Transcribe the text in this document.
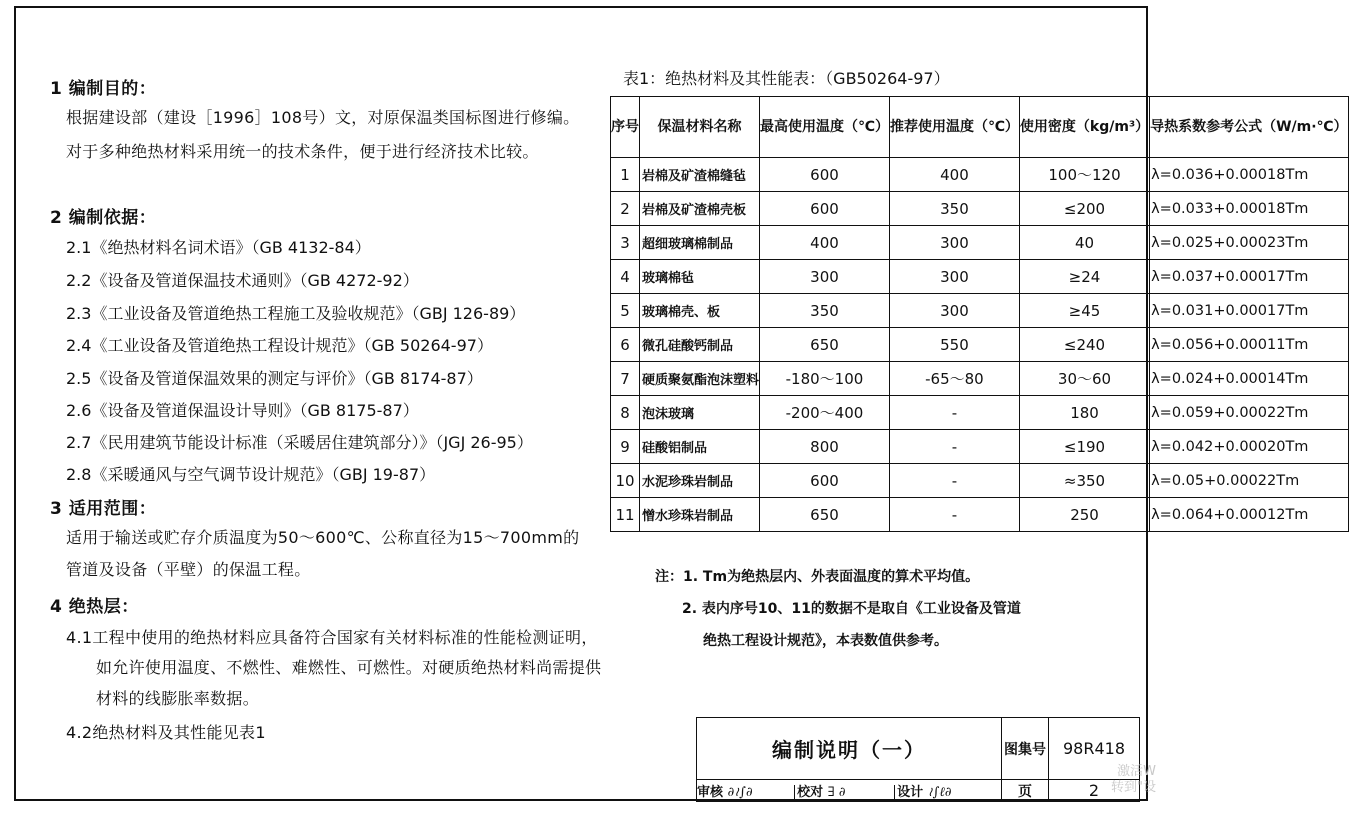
1 编制目的：
根据建设部（建设［1996］108号）文，对原保温类国标图进行修编。
对于多种绝热材料采用统一的技术条件，便于进行经济技术比较。
2 编制依据：
2.1《绝热材料名词术语》（GB 4132-84）
2.2《设备及管道保温技术通则》（GB 4272-92）
2.3《工业设备及管道绝热工程施工及验收规范》（GBJ 126-89）
2.4《工业设备及管道绝热工程设计规范》（GB 50264-97）
2.5《设备及管道保温效果的测定与评价》（GB 8174-87）
2.6《设备及管道保温设计导则》（GB 8175-87）
2.7《民用建筑节能设计标准（采暖居住建筑部分）》（JGJ 26-95）
2.8《采暖通风与空气调节设计规范》（GBJ 19-87）
3 适用范围：
适用于输送或贮存介质温度为50～600℃、公称直径为15～700mm的
管道及设备（平壁）的保温工程。
4 绝热层：
4.1工程中使用的绝热材料应具备符合国家有关材料标准的性能检测证明，
如允许使用温度、不燃性、难燃性、可燃性。对硬质绝热材料尚需提供
材料的线膨胀率数据。
4.2绝热材料及其性能见表1
表1：绝热材料及其性能表：（GB50264-97）
序号	保温材料名称	最高使用温度（℃）	推荐使用温度（℃）	使用密度（kg/m³）	导热系数参考公式（W/m·℃）
1	岩棉及矿渣棉缝毡	600	400	100～120	λ=0.036+0.00018Tm
2	岩棉及矿渣棉壳板	600	350	≤200	λ=0.033+0.00018Tm
3	超细玻璃棉制品	400	300	40	λ=0.025+0.00023Tm
4	玻璃棉毡	300	300	≥24	λ=0.037+0.00017Tm
5	玻璃棉壳、板	350	300	≥45	λ=0.031+0.00017Tm
6	微孔硅酸钙制品	650	550	≤240	λ=0.056+0.00011Tm
7	硬质聚氨酯泡沫塑料	-180～100	-65～80	30～60	λ=0.024+0.00014Tm
8	泡沫玻璃	-200～400	-	180	λ=0.059+0.00022Tm
9	硅酸铝制品	800	-	≤190	λ=0.042+0.00020Tm
10	水泥珍珠岩制品	600	-	≈350	λ=0.05+0.00022Tm
11	憎水珍珠岩制品	650	-	250	λ=0.064+0.00012Tm
注：1. Tm为绝热层内、外表面温度的算术平均值。
2. 表内序号10、11的数据不是取自《工业设备及管道
绝热工程设计规范》，本表数值供参考。
编制说明（一）	图集号	98R418
审核 ∂≀∫∂ 校对 ∃ ∂ 设计 ≀∫ℓ∂	页	2
激活W
转到"设
